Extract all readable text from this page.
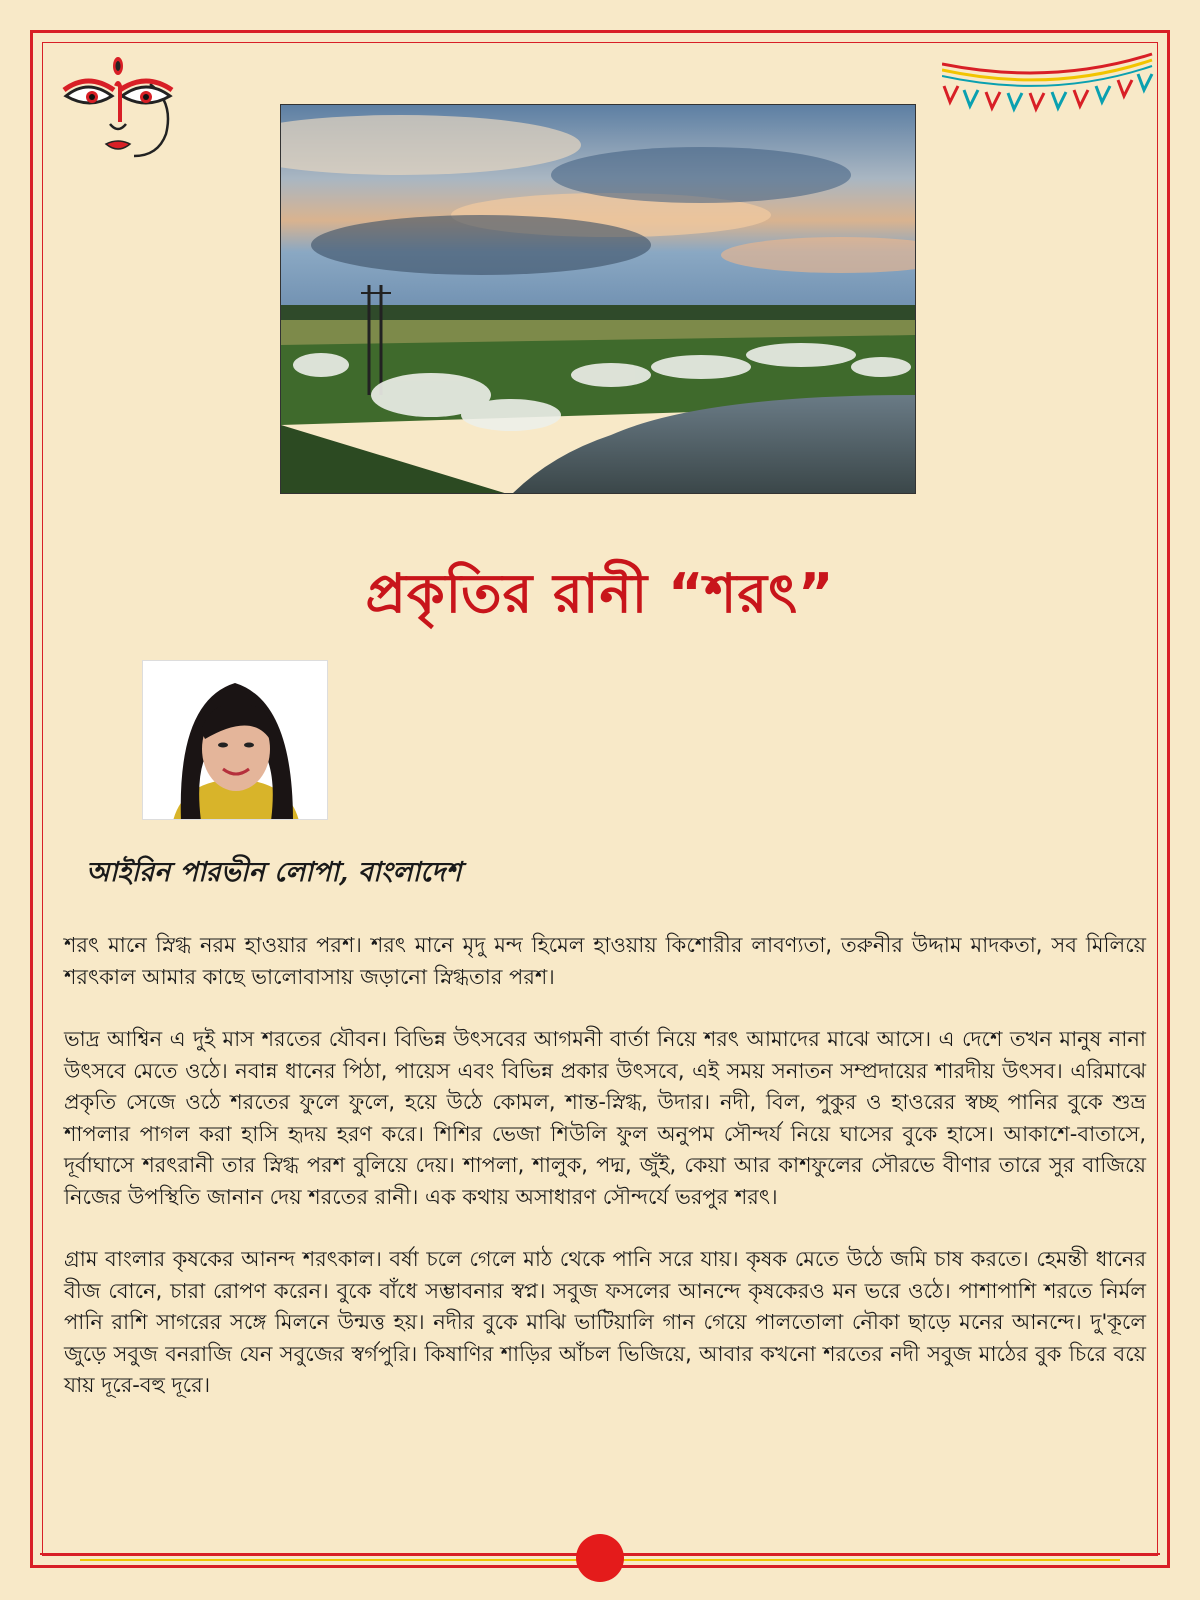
প্রকৃতির রানী “শরৎ”
আইরিন পারভীন লোপা, বাংলাদেশ

শরৎ মানে স্নিগ্ধ নরম হাওয়ার পরশ। শরৎ মানে মৃদু মন্দ হিমেল হাওয়ায় কিশোরীর লাবণ্যতা, তরুনীর উদ্দাম মাদকতা, সব মিলিয়ে শরৎকাল আমার কাছে ভালোবাসায় জড়ানো স্নিগ্ধতার পরশ।

ভাদ্র আশ্বিন এ দুই মাস শরতের যৌবন। বিভিন্ন উৎসবের আগমনী বার্তা নিয়ে শরৎ আমাদের মাঝে আসে। এ দেশে তখন মানুষ নানা উৎসবে মেতে ওঠে। নবান্ন ধানের পিঠা, পায়েস এবং বিভিন্ন প্রকার উৎসবে, এই সময় সনাতন সম্প্রদায়ের শারদীয় উৎসব। এরিমাঝে প্রকৃতি সেজে ওঠে শরতের ফুলে ফুলে, হয়ে উঠে কোমল, শান্ত-স্নিগ্ধ, উদার। নদী, বিল, পুকুর ও হাওরের স্বচ্ছ পানির বুকে শুভ্র শাপলার পাগল করা হাসি হৃদয় হরণ করে। শিশির ভেজা শিউলি ফুল অনুপম সৌন্দর্য নিয়ে ঘাসের বুকে হাসে। আকাশে-বাতাসে, দূর্বাঘাসে শরৎরানী তার স্নিগ্ধ পরশ বুলিয়ে দেয়। শাপলা, শালুক, পদ্ম, জুঁই, কেয়া আর কাশফুলের সৌরভে বীণার তারে সুর বাজিয়ে নিজের উপস্থিতি জানান দেয় শরতের রানী। এক কথায় অসাধারণ সৌন্দর্যে ভরপুর শরৎ।

গ্রাম বাংলার কৃষকের আনন্দ শরৎকাল। বর্ষা চলে গেলে মাঠ থেকে পানি সরে যায়। কৃষক মেতে উঠে জমি চাষ করতে। হেমন্তী ধানের বীজ বোনে, চারা রোপণ করেন। বুকে বাঁধে সম্ভাবনার স্বপ্ন। সবুজ ফসলের আনন্দে কৃষকেরও মন ভরে ওঠে। পাশাপাশি শরতে নির্মল পানি রাশি সাগরের সঙ্গে মিলনে উন্মত্ত হয়। নদীর বুকে মাঝি ভাটিয়ালি গান গেয়ে পালতোলা নৌকা ছাড়ে মনের আনন্দে। দু'কূলে জুড়ে সবুজ বনরাজি যেন সবুজের স্বর্গপুরি। কিষাণির শাড়ির আঁচল ভিজিয়ে, আবার কখনো শরতের নদী সবুজ মাঠের বুক চিরে বয়ে যায় দূরে-বহু দূরে।
